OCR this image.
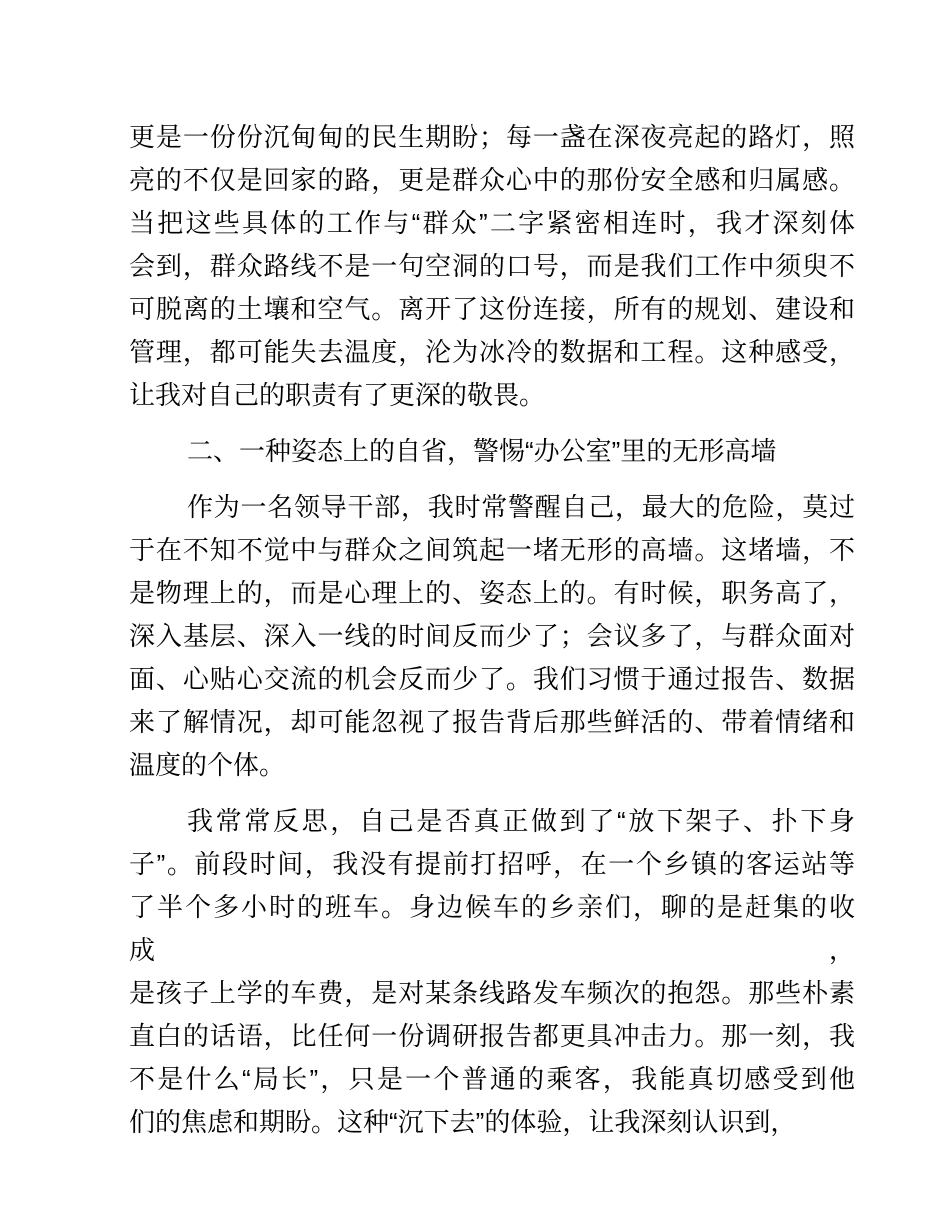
更是一份份沉甸甸的民生期盼；每一盏在深夜亮起的路灯，照
亮的不仅是回家的路，更是群众心中的那份安全感和归属感。
当把这些具体的工作与“群众”二字紧密相连时，我才深刻体
会到，群众路线不是一句空洞的口号，而是我们工作中须臾不
可脱离的土壤和空气。离开了这份连接，所有的规划、建设和
管理，都可能失去温度，沦为冰冷的数据和工程。这种感受，
让我对自己的职责有了更深的敬畏。
二、一种姿态上的自省，警惕“办公室”里的无形高墙
作为一名领导干部，我时常警醒自己，最大的危险，莫过
于在不知不觉中与群众之间筑起一堵无形的高墙。这堵墙，不
是物理上的，而是心理上的、姿态上的。有时候，职务高了，
深入基层、深入一线的时间反而少了；会议多了，与群众面对
面、心贴心交流的机会反而少了。我们习惯于通过报告、数据
来了解情况，却可能忽视了报告背后那些鲜活的、带着情绪和
温度的个体。
我常常反思，自己是否真正做到了“放下架子、扑下身
子”。前段时间，我没有提前打招呼，在一个乡镇的客运站等
了半个多小时的班车。身边候车的乡亲们，聊的是赶集的收成，
是孩子上学的车费，是对某条线路发车频次的抱怨。那些朴素
直白的话语，比任何一份调研报告都更具冲击力。那一刻，我
不是什么“局长”，只是一个普通的乘客，我能真切感受到他
们的焦虑和期盼。这种“沉下去”的体验，让我深刻认识到，
